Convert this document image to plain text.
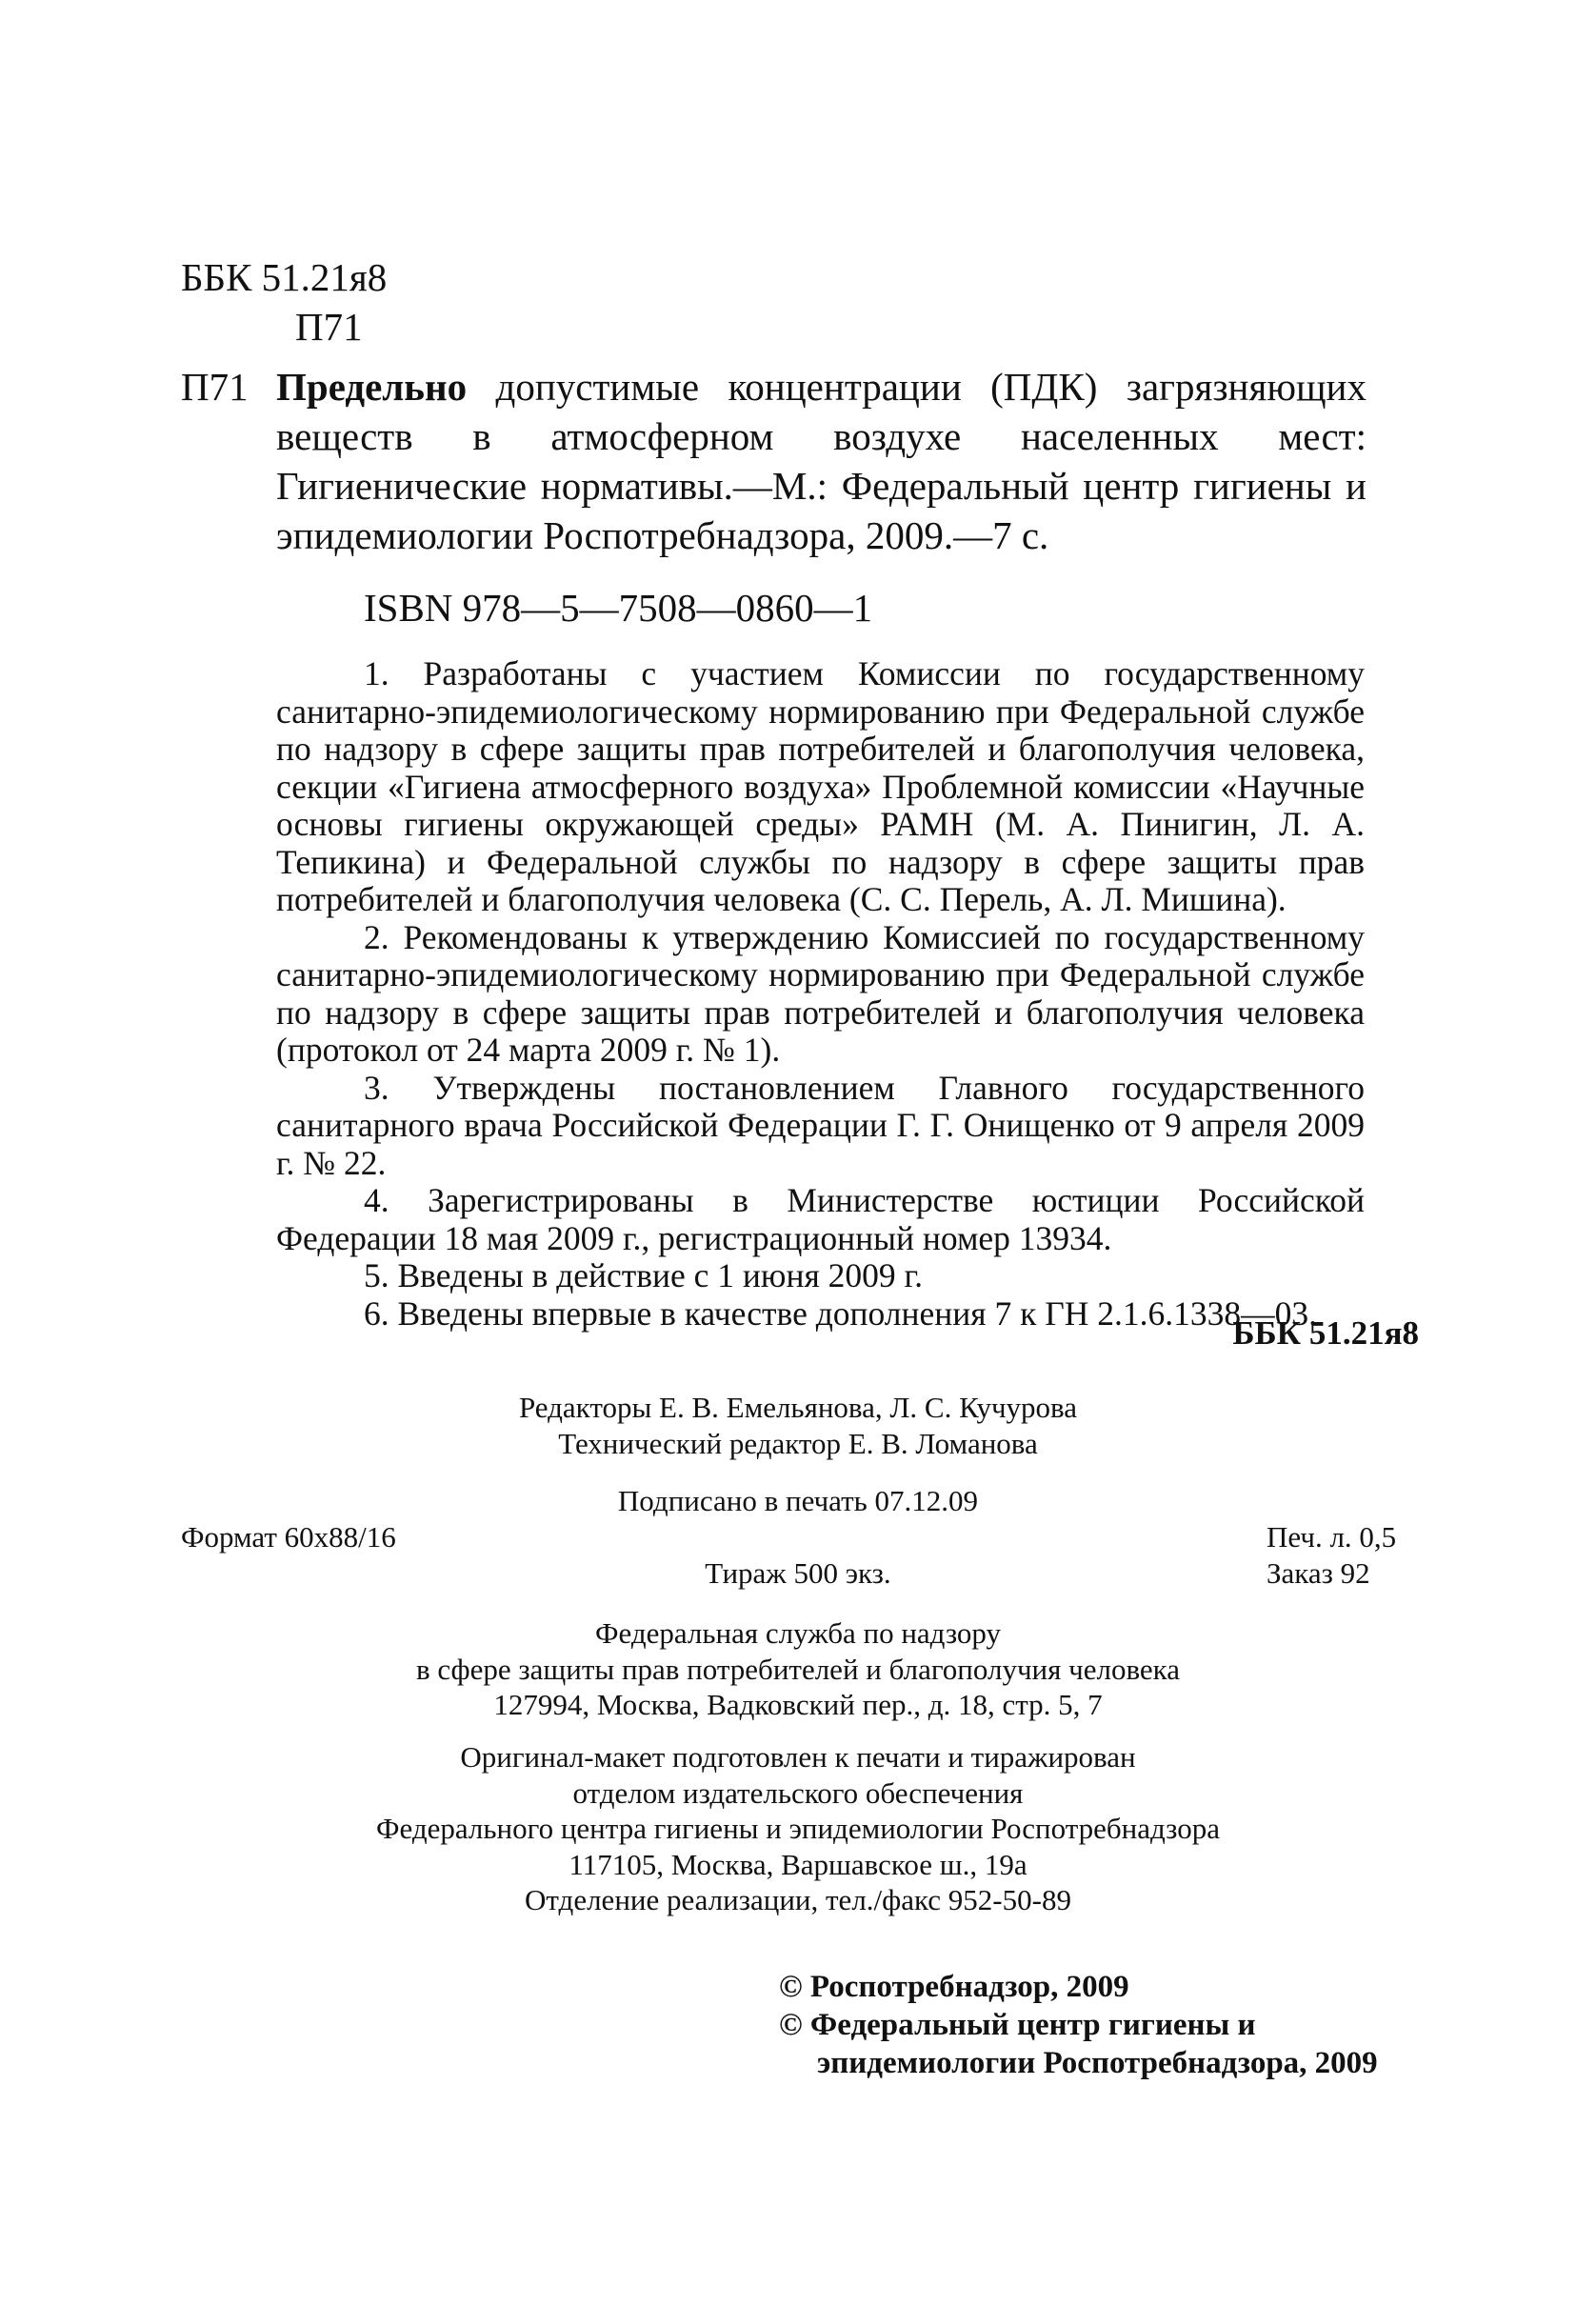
ББК 51.21я8
П71
П71 Предельно допустимые концентрации (ПДК) загрязняющих веществ в атмосферном воздухе населенных мест: Гигиенические нормативы.—М.: Федеральный центр гигиены и эпидемиологии Роспотребнадзора, 2009.—7 с.
ISBN 978—5—7508—0860—1

1. Разработаны с участием Комиссии по государственному санитарно-эпидемиологическому нормированию при Федеральной службе по надзору в сфере защиты прав потребителей и благополучия человека, секции «Гигиена атмосферного воздуха» Проблемной комиссии «Научные основы гигиены окружающей среды» РАМН (М. А. Пинигин, Л. А. Тепикина) и Федеральной службы по надзору в сфере защиты прав потребителей и благополучия человека (С. С. Перель, А. Л. Мишина).

2. Рекомендованы к утверждению Комиссией по государственному санитарно-эпидемиологическому нормированию при Федеральной службе по надзору в сфере защиты прав потребителей и благополучия человека (протокол от 24 марта 2009 г. № 1).

3. Утверждены постановлением Главного государственного санитарного врача Российской Федерации Г. Г. Онищенко от 9 апреля 2009 г. № 22.

4. Зарегистрированы в Министерстве юстиции Российской Федерации 18 мая 2009 г., регистрационный номер 13934.

5. Введены в действие с 1 июня 2009 г.

6. Введены впервые в качестве дополнения 7 к ГН 2.1.6.1338—03.

ББК 51.21я8
Редакторы Е. В. Емельянова, Л. С. Кучурова
Технический редактор Е. В. Ломанова
Подписано в печать 07.12.09
Формат 60х88/16	Печ. л. 0,5
Тираж 500 экз.	Заказ 92
Федеральная служба по надзору
в сфере защиты прав потребителей и благополучия человека
127994, Москва, Вадковский пер., д. 18, стр. 5, 7
Оригинал-макет подготовлен к печати и тиражирован
отделом издательского обеспечения
Федерального центра гигиены и эпидемиологии Роспотребнадзора
117105, Москва, Варшавское ш., 19а
Отделение реализации, тел./факс 952-50-89
© Роспотребнадзор, 2009
© Федеральный центр гигиены и
эпидемиологии Роспотребнадзора, 2009
